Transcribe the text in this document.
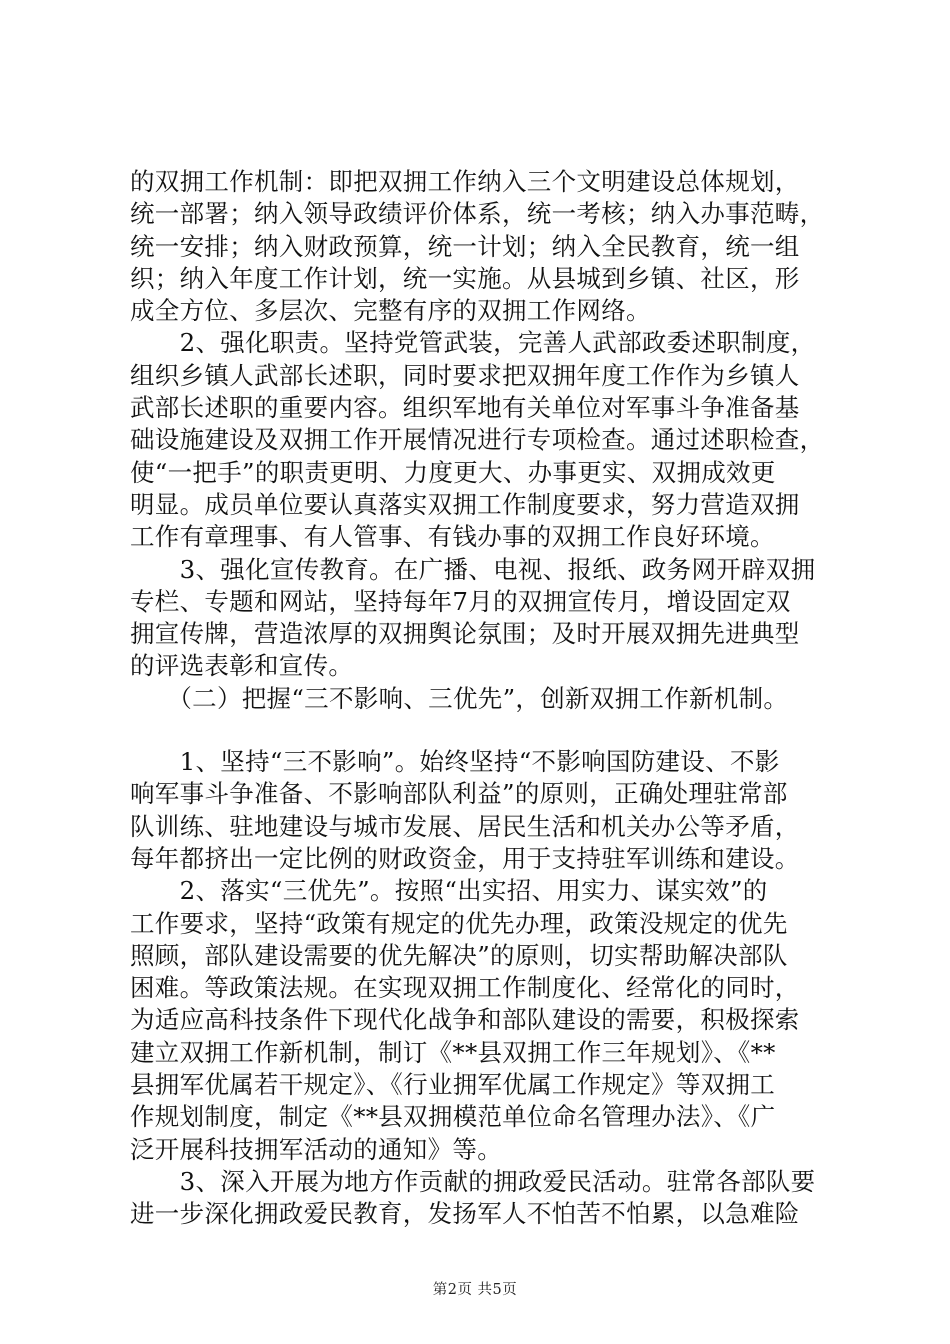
的双拥工作机制：即把双拥工作纳入三个文明建设总体规划，
统一部署；纳入领导政绩评价体系，统一考核；纳入办事范畴，
统一安排；纳入财政预算，统一计划；纳入全民教育，统一组
织；纳入年度工作计划，统一实施。从县城到乡镇、社区，形
成全方位、多层次、完整有序的双拥工作网络。
　　2、强化职责。坚持党管武装，完善人武部政委述职制度，
组织乡镇人武部长述职，同时要求把双拥年度工作作为乡镇人
武部长述职的重要内容。组织军地有关单位对军事斗争准备基
础设施建设及双拥工作开展情况进行专项检查。通过述职检查，
使“一把手”的职责更明、力度更大、办事更实、双拥成效更
明显。成员单位要认真落实双拥工作制度要求，努力营造双拥
工作有章理事、有人管事、有钱办事的双拥工作良好环境。
　　3、强化宣传教育。在广播、电视、报纸、政务网开辟双拥
专栏、专题和网站，坚持每年7月的双拥宣传月，增设固定双
拥宣传牌，营造浓厚的双拥舆论氛围；及时开展双拥先进典型
的评选表彰和宣传。
　　（二）把握“三不影响、三优先”，创新双拥工作新机制。
　　1、坚持“三不影响”。始终坚持“不影响国防建设、不影
响军事斗争准备、不影响部队利益”的原则，正确处理驻常部
队训练、驻地建设与城市发展、居民生活和机关办公等矛盾，
每年都挤出一定比例的财政资金，用于支持驻军训练和建设。
　　2、落实“三优先”。按照“出实招、用实力、谋实效”的
工作要求，坚持“政策有规定的优先办理，政策没规定的优先
照顾，部队建设需要的优先解决”的原则，切实帮助解决部队
困难。等政策法规。在实现双拥工作制度化、经常化的同时，
为适应高科技条件下现代化战争和部队建设的需要，积极探索
建立双拥工作新机制，制订《**县双拥工作三年规划》、《**
县拥军优属若干规定》、《行业拥军优属工作规定》等双拥工
作规划制度，制定《**县双拥模范单位命名管理办法》、《广
泛开展科技拥军活动的通知》等。
　　3、深入开展为地方作贡献的拥政爱民活动。驻常各部队要
进一步深化拥政爱民教育，发扬军人不怕苦不怕累，以急难险
第2页 共5页
